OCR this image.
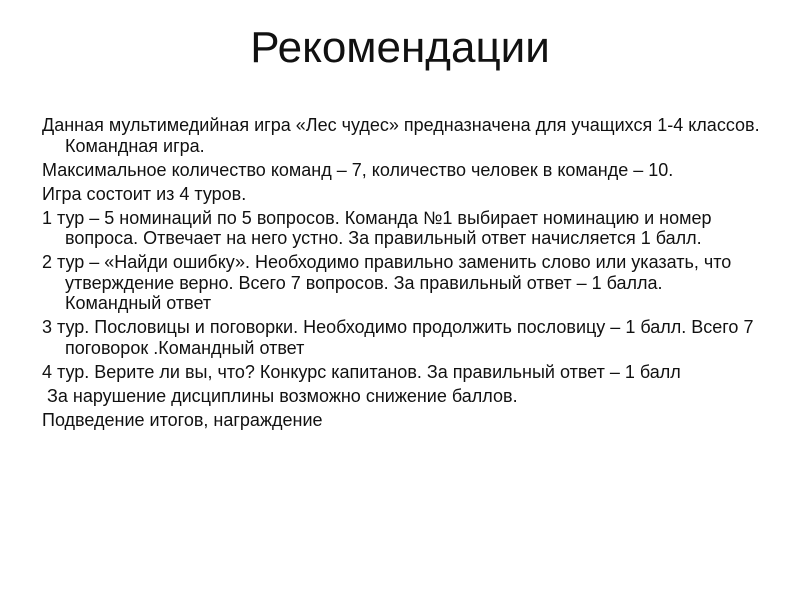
Рекомендации

Данная мультимедийная игра «Лес чудес» предназначена для учащихся 1-4 классов. Командная игра.

Максимальное количество команд – 7, количество человек в команде – 10.

Игра состоит из 4 туров.

1 тур – 5 номинаций по 5 вопросов. Команда №1 выбирает номинацию и номер вопроса. Отвечает на него устно. За правильный ответ начисляется 1 балл.

2 тур – «Найди ошибку». Необходимо правильно заменить слово или указать, что утверждение верно. Всего 7 вопросов. За правильный ответ – 1 балла. Командный ответ

3 тур. Пословицы и поговорки. Необходимо продолжить пословицу – 1 балл. Всего 7 поговорок .Командный ответ

4 тур. Верите ли вы, что? Конкурс капитанов. За правильный ответ – 1 балл

За нарушение дисциплины возможно снижение баллов.

Подведение итогов, награждение
